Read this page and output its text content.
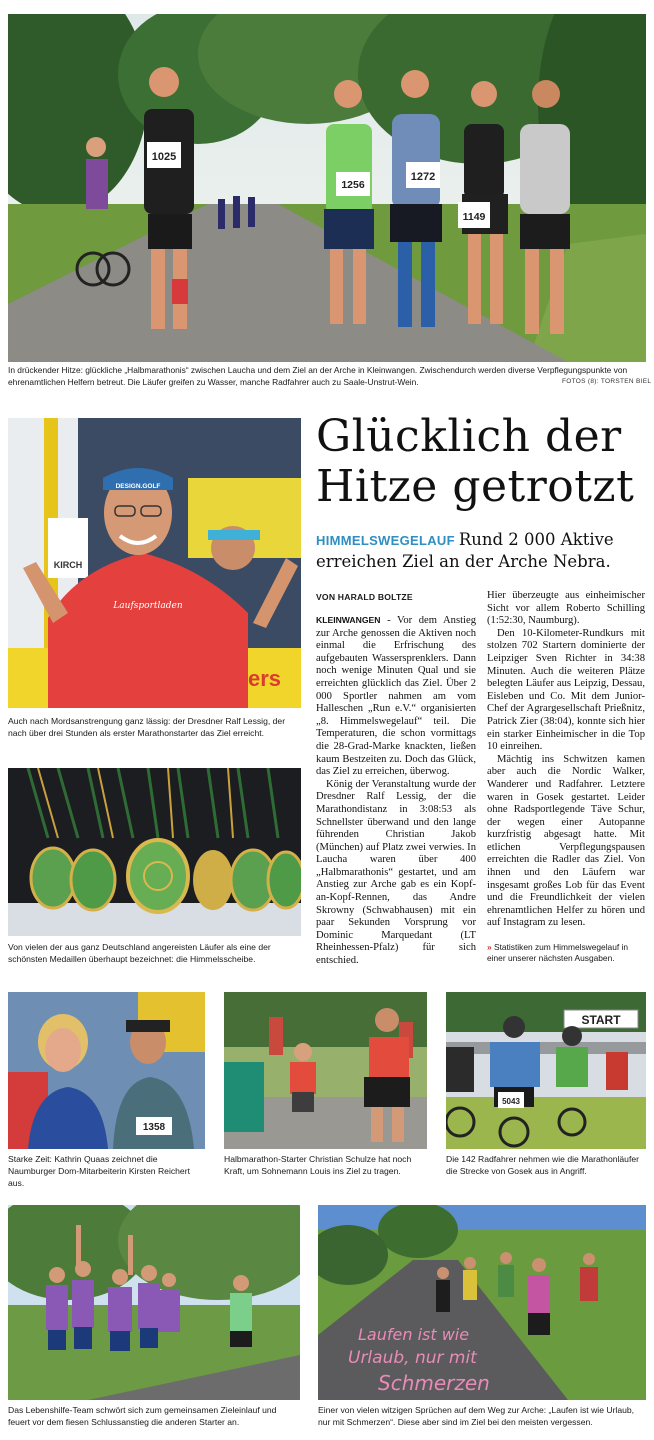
1025
1256
1272
1149
In drückender Hitze: glückliche „Halbmarathonis“ zwischen Laucha und dem Ziel an der Arche in Kleinwangen. Zwischendurch werden diverse Verpflegungspunkte von ehrenamtlichen Helfern betreut. Die Läufer greifen zu Wasser, manche Radfahrer auch zu Saale-Unstrut-Wein.	FOTOS (8): TORSTEN BIEL
KIRCH
ers
Laufsportladen
DESIGN.GOLF
Auch nach Mordsanstrengung ganz lässig: der Dresdner Ralf Lessig, der nach über drei Stunden als erster Marathonstarter das Ziel erreicht.
Von vielen der aus ganz Deutschland angereisten Läufer als eine der schönsten Medaillen überhaupt bezeichnet: die Himmelsscheibe.
Glücklich der Hitze getrotzt
HIMMELSWEGELAUF Rund 2 000 Aktive erreichen Ziel an der Arche Nebra.
VON HARALD BOLTZE

KLEINWANGEN - Vor dem Anstieg zur Arche genossen die Aktiven noch einmal die Erfrischung des aufgebauten Wassersprenklers. Dann noch wenige Minuten Qual und sie erreichten glücklich das Ziel. Über 2 000 Sportler nahmen am vom Halleschen „Run e.V.“ organisierten „8. Himmelswegelauf“ teil. Die Temperaturen, die schon vormittags die 28-Grad-Marke knackten, ließen kaum Bestzeiten zu. Doch das Glück, das Ziel zu erreichen, überwog.

König der Veranstaltung wurde der Dresdner Ralf Lessig, der die Marathondistanz in 3:08:53 als Schnellster überwand und den lange führenden Christian Jakob (München) auf Platz zwei verwies. In Laucha waren über 400 „Halbmarathonis“ gestartet, und am Anstieg zur Arche gab es ein Kopf-an-Kopf-Rennen, das Andre Skrowny (Schwabhausen) mit ein paar Sekunden Vorsprung vor Dominic Marquedant (LT Rheinhessen-Pfalz) für sich entschied.

Hier überzeugte aus einheimischer Sicht vor allem Roberto Schilling (1:52:30, Naumburg).

Den 10-Kilometer-Rundkurs mit stolzen 702 Startern dominierte der Leipziger Sven Richter in 34:38 Minuten. Auch die weiteren Plätze belegten Läufer aus Leipzig, Dessau, Eisleben und Co. Mit dem Junior-Chef der Agrargesellschaft Prießnitz, Patrick Zier (38:04), konnte sich hier ein starker Einheimischer in die Top 10 einreihen.

Mächtig ins Schwitzen kamen aber auch die Nordic Walker, Wanderer und Radfahrer. Letztere waren in Gosek gestartet. Leider ohne Radsportlegende Täve Schur, der wegen einer Autopanne kurzfristig abgesagt hatte. Mit etlichen Verpflegungspausen erreichten die Radler das Ziel. Von ihnen und den Läufern war insgesamt großes Lob für das Event und die Freundlichkeit der vielen ehrenamtlichen Helfer zu hören und auf Instagram zu lesen.

» Statistiken zum Himmelswegelauf in einer unserer nächsten Ausgaben.
1358
Starke Zeit: Kathrin Quaas zeichnet die Naumburger Dom-Mitarbeiterin Kirsten Reichert aus.
Halbmarathon-Starter Christian Schulze hat noch Kraft, um Sohnemann Louis ins Ziel zu tragen.
START
5043
Die 142 Radfahrer nehmen wie die Marathonläufer die Strecke von Gosek aus in Angriff.
Das Lebenshilfe-Team schwört sich zum gemeinsamen Zieleinlauf und feuert vor dem fiesen Schlussanstieg die anderen Starter an.
Laufen ist wie
Urlaub, nur mit
Schmerzen
Einer von vielen witzigen Sprüchen auf dem Weg zur Arche: „Laufen ist wie Urlaub, nur mit Schmerzen“. Diese aber sind im Ziel bei den meisten vergessen.
